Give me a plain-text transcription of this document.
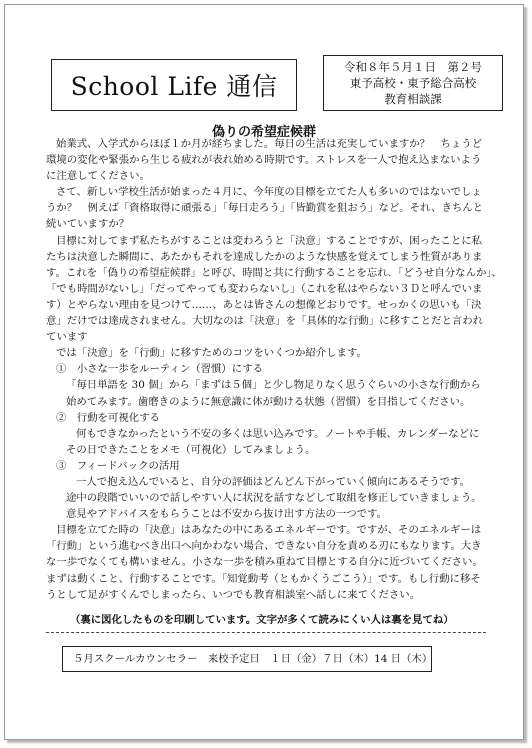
School Life 通信
令和８年５月１日　第２号
東予高校・東予総合高校
教育相談課
偽りの希望症候群
始業式、入学式からほぼ１か月が経ちました。毎日の生活は充実していますか？　ちょうど
環境の変化や緊張から生じる疲れが表れ始める時期です。ストレスを一人で抱え込まないよう
に注意してください。
さて、新しい学校生活が始まった４月に、今年度の目標を立てた人も多いのではないでしょ
うか？　例えば「資格取得に頑張る」「毎日走ろう」「皆勤賞を狙おう」など。それ、きちんと
続いていますか？
目標に対してまず私たちがすることは変わろうと「決意」することですが、困ったことに私
たちは決意した瞬間に、あたかもそれを達成したかのような快感を覚えてしまう性質がありま
す。これを「偽りの希望症候群」と呼び、時間と共に行動することを忘れ､「どうせ自分なんか」、
「でも時間がないし」「だってやっても変わらないし」（これを私はやらない３Ｄと呼んでいま
す）とやらない理由を見つけて……、あとは皆さんの想像どおりです。せっかくの思いも「決
意」だけでは達成されません。大切なのは「決意」を「具体的な行動」に移すことだと言われ
ています
では「決意」を「行動」に移すためのコツをいくつか紹介します。
①　小さな一歩をルーティン（習慣）にする
「毎日単語を 30 個」から「まずは５個」と少し物足りなく思うぐらいの小さな行動から
始めてみます。歯磨きのように無意識に体が動ける状態（習慣）を目指してください。
②　行動を可視化する
何もできなかったという不安の多くは思い込みです。ノートや手帳、カレンダーなどに
その日できたことをメモ（可視化）してみましょう。
③　フィードバックの活用
一人で抱え込んでいると、自分の評価はどんどん下がっていく傾向にあるそうです。
途中の段階でいいので話しやすい人に状況を話すなどして取組を修正していきましょう。
意見やアドバイスをもらうことは不安から抜け出す方法の一つです。
目標を立てた時の「決意」はあなたの中にあるエネルギーです。ですが、そのエネルギーは
「行動」という進むべき出口へ向かわない場合、できない自分を責める刃にもなります。大き
な一歩でなくても構いません。小さな一歩を積み重ねて目標とする自分に近づいてください。
まずは動くこと、行動することです。「知覚動考（ともかくうごこう）」です。もし行動に移そ
うとして足がすくんでしまったら、いつでも教育相談室へ話しに来てください。
（裏に図化したものを印刷しています。文字が多くて読みにくい人は裏を見てね）
５月スクールカウンセラー　来校予定日　１日（金）７日（木）14 日（木）
